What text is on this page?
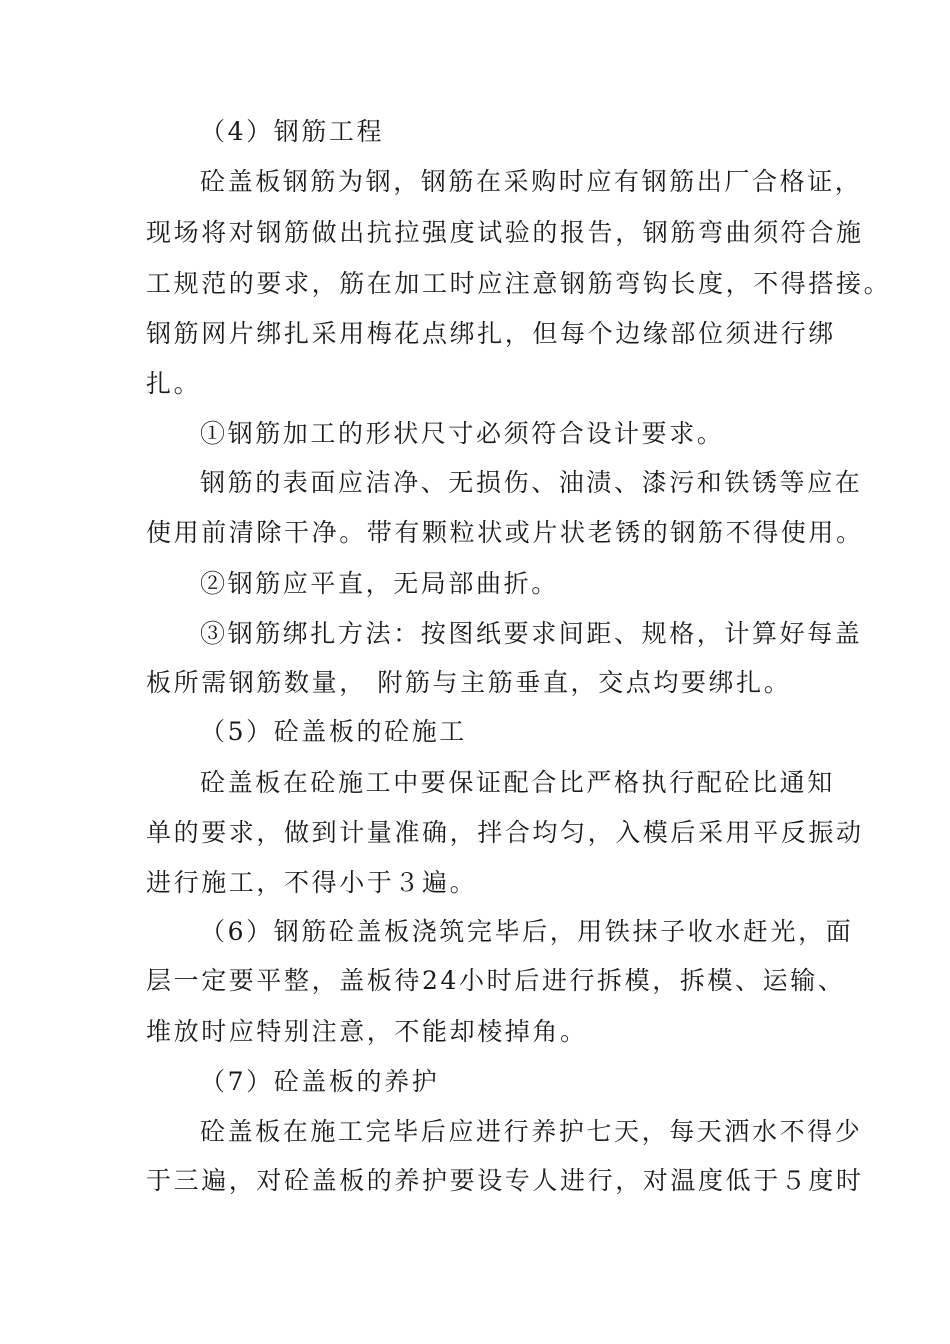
（4）钢筋工程
砼盖板钢筋为钢，钢筋在采购时应有钢筋出厂合格证，
现场将对钢筋做出抗拉强度试验的报告，钢筋弯曲须符合施
工规范的要求，筋在加工时应注意钢筋弯钩长度，不得搭接。
钢筋网片绑扎采用梅花点绑扎，但每个边缘部位须进行绑
扎。
①钢筋加工的形状尺寸必须符合设计要求。
钢筋的表面应洁净、无损伤、油渍、漆污和铁锈等应在
使用前清除干净。带有颗粒状或片状老锈的钢筋不得使用。
②钢筋应平直，无局部曲折。
③钢筋绑扎方法：按图纸要求间距、规格，计算好每盖
板所需钢筋数量， 附筋与主筋垂直，交点均要绑扎。
（5）砼盖板的砼施工
砼盖板在砼施工中要保证配合比严格执行配砼比通知
单的要求，做到计量准确，拌合均匀，入模后采用平反振动
进行施工，不得小于３遍。
（6）钢筋砼盖板浇筑完毕后，用铁抹子收水赶光，面
层一定要平整，盖板待24小时后进行拆模，拆模、运输、
堆放时应特别注意，不能却棱掉角。
（7）砼盖板的养护
砼盖板在施工完毕后应进行养护七天，每天洒水不得少
于三遍，对砼盖板的养护要设专人进行，对温度低于５度时
